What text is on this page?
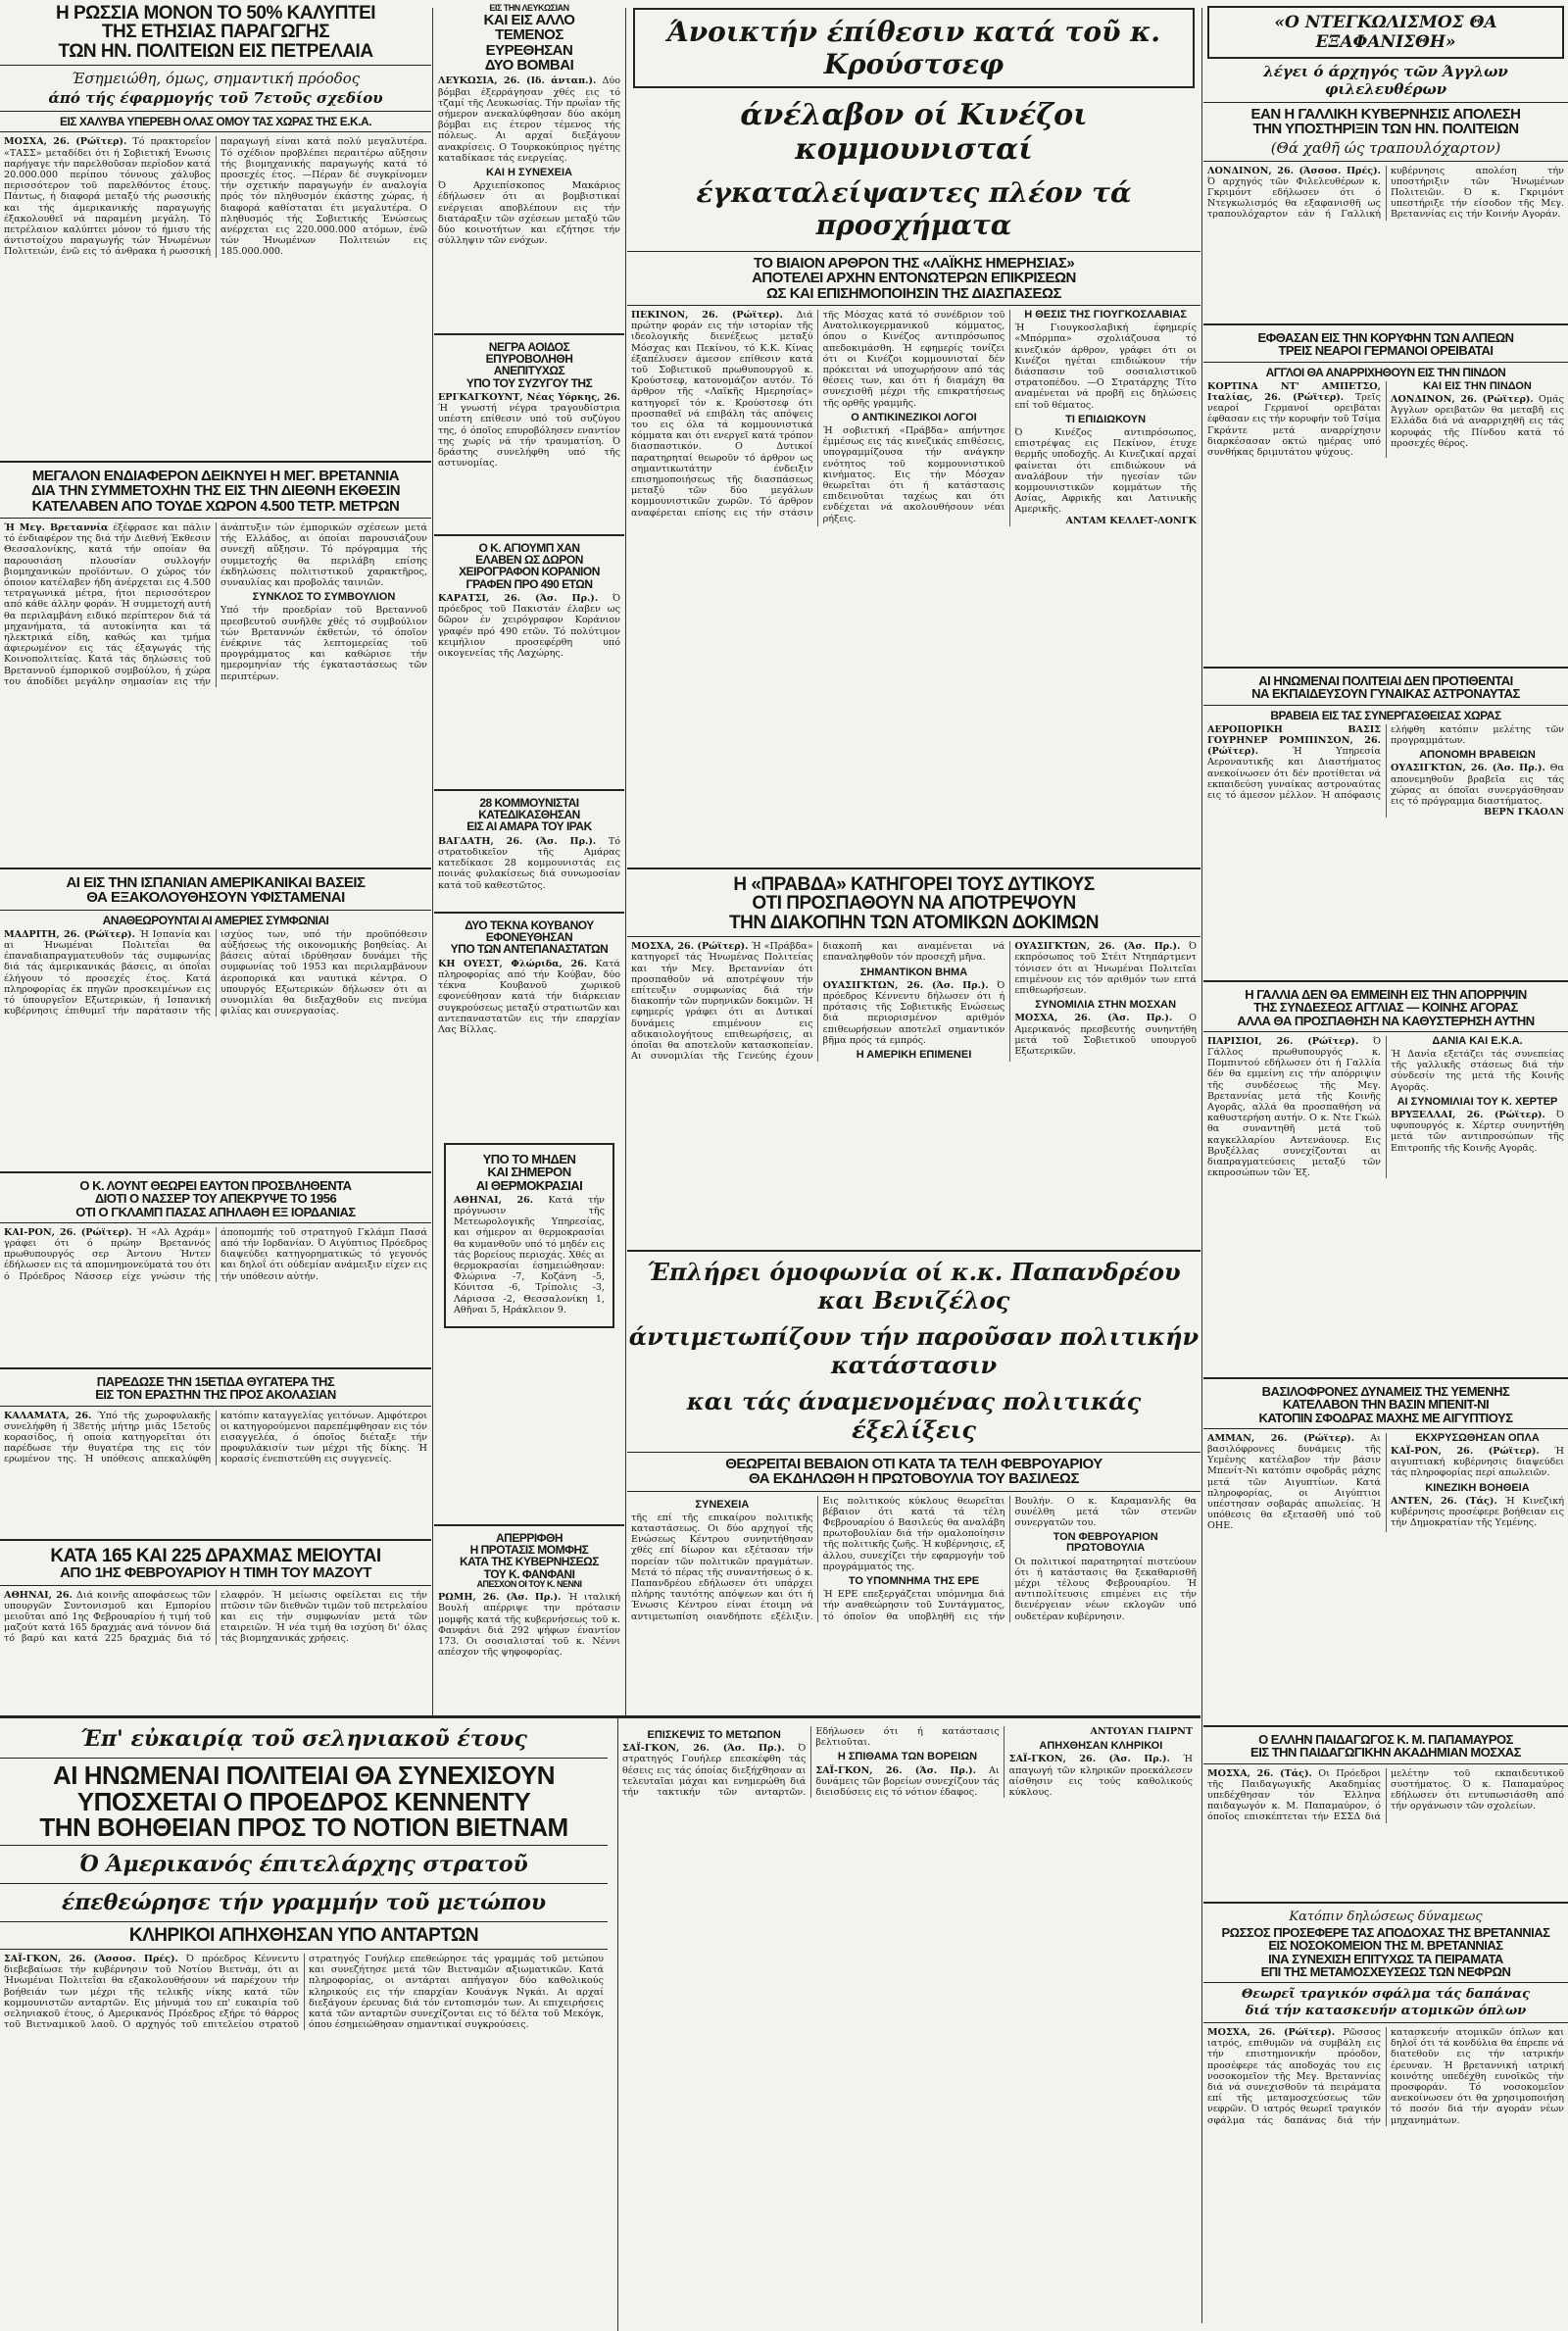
Η ΡΩΣΣΙΑ ΜΟΝΟΝ ΤΟ 50% ΚΑΛΥΠΤΕΙ

ΤΗΣ ΕΤΗΣΙΑΣ ΠΑΡΑΓΩΓΗΣ

ΤΩΝ ΗΝ. ΠΟΛΙΤΕΙΩΝ ΕΙΣ ΠΕΤΡΕΛΑΙΑ

Έσημειώθη, όμως, σημαντική πρόοδος

άπό τής έφαρμογής τοῦ 7ετοῦς σχεδίου

ΕΙΣ ΧΑΛΥΒΑ ΥΠΕΡΕΒΗ ΟΛΑΣ ΟΜΟΥ ΤΑΣ ΧΩΡΑΣ ΤΗΣ Ε.Κ.Α.

ΜΟΣΧΑ, 26. (Ρώϊτερ). Τό πρακτορεΐον «ΤΑΣΣ» μεταδίδει ότι ή Σοβιετική Ένωσις παρήγαγε τήν παρελθοῦσαν περίοδον κατά 20.000.000 περίπου τόννους χάλυβος περισσότερον τοῦ παρελθόντος έτους. Πάντως, ή διαφορά μεταξύ τής ρωσσικής και τής άμερικανικής παραγωγής έξακολουθεῖ νά παραμένη μεγάλη. Τό πετρέλαιον καλύπτει μόνον τό ήμισυ τής άντιστοίχου παραγωγής τών Ήνωμένων Πολιτειών, ένῶ εις τό άνθρακα ή ρωσσική παραγωγή είναι κατά πολύ μεγαλυτέρα. Τό σχέδιον προβλέπει περαιτέρω αὔξησιν τής βιομηχανικής παραγωγής κατά τό προσεχές έτος. —Πέραν δέ συγκρίνομεν τήν σχετικήν παραγωγήν έν αναλογία πρός τόν πληθυσμόν έκάστης χώρας, ή διαφορά καθίσταται έτι μεγαλυτέρα. Ο πληθυσμός τής Σοβιετικής Ένώσεως ανέρχεται εις 220.000.000 ατόμων, ένῶ τών Ήνωμένων Πολιτειών εις 185.000.000.

ΜΕΓΑΛΟΝ ΕΝΔΙΑΦΕΡΟΝ ΔΕΙΚΝΥΕΙ Η ΜΕΓ. ΒΡΕΤΑΝΝΙΑ

ΔΙΑ ΤΗΝ ΣΥΜΜΕΤΟΧΗΝ ΤΗΣ ΕΙΣ ΤΗΝ ΔΙΕΘΝΗ ΕΚΘΕΣΙΝ

ΚΑΤΕΛΑΒΕΝ ΑΠΟ ΤΟΥΔΕ ΧΩΡΟΝ 4.500 ΤΕΤΡ. ΜΕΤΡΩΝ

Ή Μεγ. Βρεταννία έξέφρασε και πάλιν τό ένδιαφέρον της διά τήν Διεθνή Έκθεσιν Θεσσαλονίκης, κατά τήν οποίαν θα παρουσιάση πλουσίαν συλλογήν βιομηχανικών προϊόντων. Ο χώρος τόν όποιον κατέλαβεν ήδη άνέρχεται εις 4.500 τετραγωνικά μέτρα, ήτοι περισσότερον από κάθε άλλην φοράν. Ή συμμετοχή αυτή θα περιλαμβάνη ειδικό περίπτερον διά τά μηχανήματα, τά αυτοκίνητα και τά ηλεκτρικά είδη, καθώς και τμήμα άφιερωμένον εις τάς έξαγωγάς τής Κοινοπολιτείας. Κατά τάς δηλώσεις τοῦ Βρεταννοῦ έμπορικοῦ συμβούλου, ή χώρα του άποδίδει μεγάλην σημασίαν εις τήν άνάπτυξιν τών έμπορικών σχέσεων μετά τής Ελλάδος, αι όποίαι παρουσιάζουν συνεχῆ αὔξησιν. Τό πρόγραμμα τής συμμετοχής θα περιλάβη επίσης έκδηλώσεις πολιτιστικοῦ χαρακτῆρος, συναυλίας και προβολάς ταινιῶν.
ΣΥΝΚΛΟΣ ΤΟ ΣΥΜΒΟΥΛΙΟΝ
Υπό τήν προεδρίαν τοῦ Βρεταννοῦ πρεσβευτοῦ συνῆλθε χθές τό συμβούλιον τών Βρεταννών έκθετών, τό όποῖον ένέκρινε τάς λεπτομερείας τοῦ προγράμματος και καθώρισε τήν ημερομηνίαν τής έγκαταστάσεως τῶν περιπτέρων.

ΑΙ ΕΙΣ ΤΗΝ ΙΣΠΑΝΙΑΝ ΑΜΕΡΙΚΑΝΙΚΑΙ ΒΑΣΕΙΣ

ΘΑ ΕΞΑΚΟΛΟΥΘΗΣΟΥΝ ΥΦΙΣΤΑΜΕΝΑΙ

ΑΝΑΘΕΩΡΟΥΝΤΑΙ ΑΙ ΑΜΕΡΙΕΣ ΣΥΜΦΩΝΙΑΙ

ΜΑΔΡΙΤΗ, 26. (Ρώϊτερ). Ή Ισπανία και αι Ήνωμέναι Πολιτεΐαι θα έπαναδιαπραγματευθοῦν τάς συμφωνίας διά τάς άμερικανικάς βάσεις, αι όποΐαι έλήγουν τό προσεχές έτος. Κατά πληροφορίας έκ πηγῶν προσκειμένων εις τό ύπουργεῖον Εξωτερικών, ή Ισπανική κυβέρνησις έπιθυμεῖ τήν παράτασιν τῆς ισχύος των, υπό τήν προϋπόθεσιν αὐξήσεως τής οικονομικής βοηθείας. Αι βάσεις αὐταί ιδρύθησαν δυνάμει τῆς συμφωνίας τοῦ 1953 και περιλαμβάνουν άεροπορικά και ναυτικά κέντρα. Ο υπουργός Εξωτερικών δήλωσεν ότι αι συνομιλίαι θα διεξαχθοῦν εις πνεύμα φιλίας και συνεργασίας.

Ο Κ. ΛΟΥΝΤ ΘΕΩΡΕΙ ΕΑΥΤΟΝ ΠΡΟΣΒΛΗΘΕΝΤΑ

ΔΙΟΤΙ Ο ΝΑΣΣΕΡ ΤΟΥ ΑΠΕΚΡΥΨΕ ΤΟ 1956

ΟΤΙ Ο ΓΚΛΑΜΠ ΠΑΣΑΣ ΑΠΗΛΑΘΗ ΕΞ ΙΟΡΔΑΝΙΑΣ

ΚΑΙ-ΡΟΝ, 26. (Ρώϊτερ). Ή «Αλ Αχράμ» γράφει ότι ό πρώην Βρεταννός πρωθυπουργός σερ Άντονυ Ήντεν έδήλωσεν εις τά απομνημονεύματά του ότι ό Πρόεδρος Νάσσερ είχε γνώσιν τής άποπομπής τοῦ στρατηγοῦ Γκλάμπ Πασά από τήν Ιορδανίαν. Ό Αιγύπτιος Πρόεδρος διαψεύδει κατηγορηματικώς τό γεγονός και δηλοΐ ότι ούδεμίαν ανάμειξιν είχεν εις τήν υπόθεσιν αὐτήν.

ΠΑΡΕΔΩΣΕ ΤΗΝ 15ΕΤΙΔΑ ΘΥΓΑΤΕΡΑ ΤΗΣ

ΕΙΣ ΤΟΝ ΕΡΑΣΤΗΝ ΤΗΣ ΠΡΟΣ ΑΚΟΛΑΣΙΑΝ

ΚΑΛΑΜΑΤΑ, 26. Ύπό τῆς χωροφυλακῆς συνελήφθη ή 38ετής μήτηρ μιᾶς 15ετοῦς κορασίδος, ή οποία κατηγορεῖται ότι παρέδωσε τήν θυγατέρα της εις τόν ερωμένον της. Ή υπόθεσις απεκαλύφθη κατόπιν καταγγελίας γειτόνων. Αμφότεροι οι κατηγορούμενοι παρεπέμφθησαν εις τόν εισαγγελέα, ό όποῖος διέταξε τήν προφυλάκισίν των μέχρι τῆς δίκης. Ή κορασίς ένεπιστεύθη εις συγγενείς.

ΚΑΤΑ 165 ΚΑΙ 225 ΔΡΑΧΜΑΣ ΜΕΙΟΥΤΑΙ

ΑΠΟ 1ΗΣ ΦΕΒΡΟΥΑΡΙΟΥ Η ΤΙΜΗ ΤΟΥ ΜΑΖΟΥΤ

ΑΘΗΝΑΙ, 26. Διά κοινῆς αποφάσεως τῶν υπουργῶν Συντονισμοῦ και Εμπορίου μειοῦται από 1ης Φεβρουαρίου ή τιμή τοῦ μαζούτ κατά 165 δραχμάς ανά τόννον διά τό βαρύ και κατά 225 δραχμάς διά τό ελαφρόν. Ή μείωσις οφείλεται εις τήν πτῶσιν τῶν διεθνῶν τιμῶν τοῦ πετρελαίου και εις τήν συμφωνίαν μετά τῶν εταιρειῶν. Ή νέα τιμή θα ισχύση δι' όλας τάς βιομηχανικάς χρήσεις.

ΕΙΣ ΤΗΝ ΛΕΥΚΩΣΙΑΝ

ΚΑΙ ΕΙΣ ΑΛΛΟ

ΤΕΜΕΝΟΣ

ΕΥΡΕΘΗΣΑΝ

ΔΥΟ ΒΟΜΒΑΙ

ΛΕΥΚΩΣΙΑ, 26. (Ιδ. άνταπ.). Δύο βόμβαι έξερράγησαν χθές εις τό τζαμί τῆς Λευκωσίας. Τήν πρωΐαν τῆς σήμερον ανεκαλύφθησαν δύο ακόμη βόμβαι εις έτερον τέμενος τής πόλεως. Αι αρχαί διεξάγουν ανακρίσεις. Ο Τουρκοκύπριος ηγέτης καταδίκασε τάς ενεργείας.
ΚΑΙ Η ΣΥΝΕΧΕΙΑ
Ό Αρχιεπίσκοπος Μακάριος έδήλωσεν ότι αι βομβιστικαί ενέργειαι αποβλέπουν εις τήν διατάραξιν τῶν σχέσεων μεταξύ τῶν δύο κοινοτήτων και εζήτησε τήν σύλληψιν τῶν ενόχων.

ΝΕΓΡΑ ΑΟΙΔΟΣ

ΕΠΥΡΟΒΟΛΗΘΗ

ΑΝΕΠΙΤΥΧΩΣ

ΥΠΟ ΤΟΥ ΣΥΖΥΓΟΥ ΤΗΣ

ΕΡΓΚΑΓΚΟΥΝΤ, Νέας Υόρκης, 26. Ή γνωστή νέγρα τραγουδίστρια υπέστη επίθεσιν υπό τοῦ συζύγου της, ό όποῖος επυροβόλησεν εναντίον της χωρίς νά τήν τραυματίση. Ό δράστης συνελήφθη υπό τῆς αστυνομίας.

Ο Κ. ΑΓΙΟΥΜΠ ΧΑΝ

ΕΛΑΒΕΝ ΩΣ ΔΩΡΟΝ

ΧΕΙΡΟΓΡΑΦΟΝ ΚΟΡΑΝΙΟΝ

ΓΡΑΦΕΝ ΠΡΟ 490 ΕΤΩΝ

ΚΑΡΑΤΣΙ, 26. (Άσ. Πρ.). Ό πρόεδρος τοῦ Πακιστάν έλαβεν ως δῶρον έν χειρόγραφον Κοράνιον γραφέν πρό 490 ετῶν. Τό πολύτιμον κειμήλιον προσεφέρθη υπό οικογενείας τῆς Λαχώρης.

28 ΚΟΜΜΟΥΝΙΣΤΑΙ

ΚΑΤΕΔΙΚΑΣΘΗΣΑΝ

ΕΙΣ ΑΙ ΑΜΑΡΑ ΤΟΥ ΙΡΑΚ

ΒΑΓΔΑΤΗ, 26. (Άσ. Πρ.). Τό στρατοδικεῖον τῆς Αμάρας κατεδίκασε 28 κομμουνιστάς εις ποινάς φυλακίσεως διά συνωμοσίαν κατά τοῦ καθεστῶτος.

ΔΥΟ ΤΕΚΝΑ ΚΟΥΒΑΝΟΥ

ΕΦΟΝΕΥΘΗΣΑΝ

ΥΠΟ ΤΩΝ ΑΝΤΕΠΑΝΑΣΤΑΤΩΝ

ΚΗ ΟΥΕΣΤ, Φλώριδα, 26. Κατά πληροφορίας από τήν Κούβαν, δύο τέκνα Κουβανοῦ χωρικοῦ εφονεύθησαν κατά τήν διάρκειαν συγκρούσεως μεταξύ στρατιωτῶν και αντεπαναστατῶν εις τήν επαρχίαν Λας Βίλλας.

ΥΠΟ ΤΟ ΜΗΔΕΝ

ΚΑΙ ΣΗΜΕΡΟΝ

ΑΙ ΘΕΡΜΟΚΡΑΣΙΑΙ

ΑΘΗΝΑΙ, 26. Κατά τήν πρόγνωσιν τῆς Μετεωρολογικῆς Υπηρεσίας, και σήμερον αι θερμοκρασίαι θα κυμανθοῦν υπό τό μηδέν εις τάς βορείους περιοχάς. Χθές αι θερμοκρασίαι έσημειώθησαν: Φλώρινα -7, Κοζάνη -5, Κόνιτσα -6, Τρίπολις -3, Λάρισσα -2, Θεσσαλονίκη 1, Αθῆναι 5, Ηράκλειον 9.

ΑΠΕΡΡΙΦΘΗ

Η ΠΡΟΤΑΣΙΣ ΜΟΜΦΗΣ

ΚΑΤΑ ΤΗΣ ΚΥΒΕΡΝΗΣΕΩΣ

ΤΟΥ Κ. ΦΑΝΦΑΝΙ

ΑΠΕΣΧΟΝ ΟΙ ΤΟΥ Κ. ΝΕΝΝΙ

ΡΩΜΗ, 26. (Άσ. Πρ.). Ή ιταλική Βουλή απέρριψε την πρότασιν μομφῆς κατά τῆς κυβερνήσεως τοῦ κ. Φανφάνι διά 292 ψήφων έναντίον 173. Οι σοσιαλισταί τοῦ κ. Νέννι απέσχον τῆς ψηφοφορίας.

Άνοικτήν έπίθεσιν κατά τοῦ κ. Κρούστσεφ

άνέλαβον οί Κινέζοι κομμουνισταί

έγκαταλείψαντες πλέον τά προσχήματα

ΤΟ ΒΙΑΙΟΝ ΑΡΘΡΟΝ ΤΗΣ «ΛΑΪΚΗΣ ΗΜΕΡΗΣΙΑΣ»

ΑΠΟΤΕΛΕΙ ΑΡΧΗΝ ΕΝΤΟΝΩΤΕΡΩΝ ΕΠΙΚΡΙΣΕΩΝ

ΩΣ ΚΑΙ ΕΠΙΣΗΜΟΠΟΙΗΣΙΝ ΤΗΣ ΔΙΑΣΠΑΣΕΩΣ

ΠΕΚΙΝΟΝ, 26. (Ρώϊτερ). Διά πρώτην φοράν εις τήν ιστορίαν τῆς ιδεολογικῆς διενέξεως μεταξύ Μόσχας και Πεκίνου, τό Κ.Κ. Κίνας έξαπέλυσεν άμεσον επίθεσιν κατά τοῦ Σοβιετικοῦ πρωθυπουργοῦ κ. Κρούστσεφ, κατονομάζον αυτόν. Τό άρθρον τῆς «Λαϊκῆς Ημερησίας» κατηγορεῖ τόν κ. Κρούστσεφ ότι προσπαθεῖ νά επιβάλη τάς απόψεις του εις όλα τά κομμουνιστικά κόμματα και ότι ενεργεῖ κατά τρόπον διασπαστικόν. Ο Δυτικοί παρατηρηταί θεωροῦν τό άρθρον ως σημαντικωτάτην ένδειξιν επισημοποιήσεως τῆς διασπάσεως μεταξύ τῶν δύο μεγάλων κομμουνιστικῶν χωρῶν. Τό άρθρον αναφέρεται επίσης εις τήν στάσιν τῆς Μόσχας κατά τό συνέδριον τοῦ Ανατολικογερμανικοῦ κόμματος, όπου ο Κινέζος αντιπρόσωπος απεδοκιμάσθη. Ή εφημερίς τονίζει ότι οι Κινέζοι κομμουνισταί δέν πρόκειται νά υποχωρήσουν από τάς θέσεις των, και ότι ή διαμάχη θα συνεχισθῆ μέχρι τῆς επικρατήσεως τῆς ορθῆς γραμμῆς.
Ο ΑΝΤΙΚΙΝΕΖΙΚΟΙ ΛΟΓΟΙ
Ή σοβιετική «Πράβδα» απήντησε έμμέσως εις τάς κινεζικάς επιθέσεις, υπογραμμίζουσα τήν ανάγκην ενότητος τοῦ κομμουνιστικοῦ κινήματος. Εις τήν Μόσχαν θεωρεῖται ότι ή κατάστασις επιδεινοῦται ταχέως και ότι ενδέχεται νά ακολουθήσουν νέαι ρήξεις.
Η ΘΕΣΙΣ ΤΗΣ ΓΙΟΥΓΚΟΣΛΑΒΙΑΣ
Ή Γιουγκοσλαβική έφημερίς «Μπόρμπα» σχολιάζουσα τό κινεζικόν άρθρον, γράφει ότι οι Κινέζοι ηγέται επιδιώκουν τήν διάσπασιν τοῦ σοσιαλιστικοῦ στρατοπέδου. —Ο Στρατάρχης Τίτο αναμένεται νά προβῆ εις δηλώσεις επί τοῦ θέματος.
ΤΙ ΕΠΙΔΙΩΚΟΥΝ
Ό Κινέζος αντιπρόσωπος, επιστρέψας εις Πεκίνον, έτυχε θερμῆς υποδοχῆς. Αι Κινεζικαί αρχαί φαίνεται ότι επιδιώκουν νά αναλάβουν τήν ηγεσίαν τῶν κομμουνιστικῶν κομμάτων τῆς Ασίας, Αφρικῆς και Λατινικῆς Αμερικῆς.
ΑΝΤΑΜ ΚΕΛΛΕΤ-ΛΟΝΓΚ

Η «ΠΡΑΒΔΑ» ΚΑΤΗΓΟΡΕΙ ΤΟΥΣ ΔΥΤΙΚΟΥΣ

ΟΤΙ ΠΡΟΣΠΑΘΟΥΝ ΝΑ ΑΠΟΤΡΕΨΟΥΝ

ΤΗΝ ΔΙΑΚΟΠΗΝ ΤΩΝ ΑΤΟΜΙΚΩΝ ΔΟΚΙΜΩΝ

ΜΟΣΧΑ, 26. (Ρώϊτερ). Ή «Πράβδα» κατηγορεῖ τάς Ήνωμένας Πολιτείας και τήν Μεγ. Βρεταννίαν ότι προσπαθοῦν νά αποτρέψουν τήν επίτευξιν συμφωνίας διά τήν διακοπήν τῶν πυρηνικῶν δοκιμῶν. Ή εφημερίς γράφει ότι αι Δυτικαί δυνάμεις επιμένουν εις αδικαιολογήτους επιθεωρήσεις, αι όποῖαι θα αποτελοῦν κατασκοπείαν. Αι συνομιλίαι τῆς Γενεύης έχουν διακοπῆ και αναμένεται νά επαναληφθοῦν τόν προσεχῆ μῆνα.
ΣΗΜΑΝΤΙΚΟΝ ΒΗΜΑ
ΟΥΑΣΙΓΚΤΩΝ, 26. (Άσ. Πρ.). Ό πρόεδρος Κέννεντυ δήλωσεν ότι ή πρότασις τῆς Σοβιετικῆς Ενώσεως διά περιορισμένον αριθμόν επιθεωρήσεων αποτελεῖ σημαντικόν βῆμα πρός τά εμπρός.
Η ΑΜΕΡΙΚΗ ΕΠΙΜΕΝΕΙ
ΟΥΑΣΙΓΚΤΩΝ, 26. (Άσ. Πρ.). Ό εκπρόσωπος τοῦ Στέιτ Ντηπάρτμεντ τόνισεν ότι αι Ήνωμέναι Πολιτεῖαι επιμένουν εις τόν αριθμόν των επτά επιθεωρήσεων.
ΣΥΝΟΜΙΛΙΑ ΣΤΗΝ ΜΟΣΧΑΝ
ΜΟΣΧΑ, 26. (Άσ. Πρ.). Ο Αμερικανός πρεσβευτής συνηντήθη μετά τοῦ Σοβιετικοῦ υπουργοῦ Εξωτερικῶν.

Έπλήρει όμοφωνία οί κ.κ. Παπανδρέου και Βενιζέλος

άντιμετωπίζουν τήν παροῦσαν πολιτικήν κατάστασιν

και τάς άναμενομένας πολιτικάς έξελίξεις

ΘΕΩΡΕΙΤΑΙ ΒΕΒΑΙΟΝ ΟΤΙ ΚΑΤΑ ΤΑ ΤΕΛΗ ΦΕΒΡΟΥΑΡΙΟΥ

ΘΑ ΕΚΔΗΛΩΘΗ Η ΠΡΩΤΟΒΟΥΛΙΑ ΤΟΥ ΒΑΣΙΛΕΩΣ

ΣΥΝΕΧΕΙΑ
τῆς επί τῆς επικαίρου πολιτικῆς καταστάσεως. Οι δύο αρχηγοί τῆς Ενώσεως Κέντρου συνηντήθησαν χθές επί δίωρον και εξέτασαν τήν πορείαν τῶν πολιτικῶν πραγμάτων. Μετά τό πέρας τῆς συναντήσεως ό κ. Παπανδρέου εδήλωσεν ότι υπάρχει πλήρης ταυτότης απόψεων και ότι ή Ένωσις Κέντρου είναι έτοιμη νά αντιμετωπίση οιανδήποτε εξέλιξιν. Εις πολιτικούς κύκλους θεωρεῖται βέβαιον ότι κατά τά τέλη Φεβρουαρίου ό Βασιλεύς θα αναλάβη πρωτοβουλίαν διά τήν ομαλοποίησιν τῆς πολιτικῆς ζωῆς. Ή κυβέρνησις, εξ άλλου, συνεχίζει τήν εφαρμογήν τοῦ προγράμματός της.
ΤΟ ΥΠΟΜΝΗΜΑ ΤΗΣ ΕΡΕ
Ή ΕΡΕ επεξεργάζεται υπόμνημα διά τήν αναθεώρησιν τοῦ Συντάγματος, τό όποῖον θα υποβληθῆ εις τήν Βουλήν. Ο κ. Καραμανλῆς θα συνέλθη μετά τῶν στενῶν συνεργατῶν του.
ΤΟΝ ΦΕΒΡΟΥΑΡΙΟΝ ΠΡΩΤΟΒΟΥΛΙΑ
Οι πολιτικοί παρατηρηταί πιστεύουν ότι ή κατάστασις θα ξεκαθαρισθῆ μέχρι τέλους Φεβρουαρίου. Ή αντιπολίτευσις επιμένει εις τήν διενέργειαν νέων εκλογῶν υπό ουδετέραν κυβέρνησιν.

«Ο ΝΤΕΓΚΩΛΙΣΜΟΣ ΘΑ ΕΞΑΦΑΝΙΣΘΗ»

λέγει ό άρχηγός τῶν Άγγλων φιλελευθέρων

ΕΑΝ Η ΓΑΛΛΙΚΗ ΚΥΒΕΡΝΗΣΙΣ ΑΠΟΛΕΣΗ

ΤΗΝ ΥΠΟΣΤΗΡΙΞΙΝ ΤΩΝ ΗΝ. ΠΟΛΙΤΕΙΩΝ

(Θά χαθῆ ώς τραπουλόχαρτον)

ΛΟΝΔΙΝΟΝ, 26. (Άσσοσ. Πρές). Ό αρχηγός τῶν Φιλελευθέρων κ. Γκριμόντ εδήλωσεν ότι ό Ντεγκωλισμός θα εξαφανισθῆ ως τραπουλόχαρτον εάν ή Γαλλική κυβέρνησις απολέση τήν υποστήριξιν τῶν Ήνωμένων Πολιτειῶν. Ό κ. Γκριμόντ υπεστήριξε τήν είσοδον τῆς Μεγ. Βρεταννίας εις τήν Κοινήν Αγοράν.

ΕΦΘΑΣΑΝ ΕΙΣ ΤΗΝ ΚΟΡΥΦΗΝ ΤΩΝ ΑΛΠΕΩΝ

ΤΡΕΙΣ ΝΕΑΡΟΙ ΓΕΡΜΑΝΟΙ ΟΡΕΙΒΑΤΑΙ

ΑΓΓΛΟΙ ΘΑ ΑΝΑΡΡΙΧΗΘΟΥΝ ΕΙΣ ΤΗΝ ΠΙΝΔΟΝ

ΚΟΡΤΙΝΑ ΝΤ' ΑΜΠΕΤΣΟ, Ιταλίας, 26. (Ρώϊτερ). Τρεῖς νεαροί Γερμανοί ορειβάται έφθασαν εις τήν κορυφήν τοῦ Τσίμα Γκράντε μετά αναρρίχησιν διαρκέσασαν οκτώ ημέρας υπό συνθήκας δριμυτάτου ψύχους.
ΚΑΙ ΕΙΣ ΤΗΝ ΠΙΝΔΟΝ
ΛΟΝΔΙΝΟΝ, 26. (Ρώϊτερ). Ομάς Άγγλων ορειβατῶν θα μεταβῆ εις Ελλάδα διά νά αναρριχηθῆ εις τάς κορυφάς τῆς Πίνδου κατά τό προσεχές θέρος.

ΑΙ ΗΝΩΜΕΝΑΙ ΠΟΛΙΤΕΙΑΙ ΔΕΝ ΠΡΟΤΙΘΕΝΤΑΙ

ΝΑ ΕΚΠΑΙΔΕΥΣΟΥΝ ΓΥΝΑΙΚΑΣ ΑΣΤΡΟΝΑΥΤΑΣ

ΒΡΑΒΕΙΑ ΕΙΣ ΤΑΣ ΣΥΝΕΡΓΑΣΘΕΙΣΑΣ ΧΩΡΑΣ

ΑΕΡΟΠΟΡΙΚΗ ΒΑΣΙΣ ΓΟΥΡΗΝΕΡ ΡΟΜΠΙΝΣΟΝ, 26. (Ρώϊτερ).	Ή Υπηρεσία Αεροναυτικῆς και Διαστήματος ανεκοίνωσεν ότι δέν προτίθεται νά εκπαιδεύση γυναίκας αστροναύτας εις τό άμεσον μέλλον. Ή απόφασις ελήφθη κατόπιν μελέτης τῶν προγραμμάτων.
ΑΠΟΝΟΜΗ ΒΡΑΒΕΙΩΝ
ΟΥΑΣΙΓΚΤΩΝ, 26. (Άσ. Πρ.). Θα απονεμηθοῦν βραβεῖα εις τάς χώρας αι όποῖαι συνεργάσθησαν εις τό πρόγραμμα διαστήματος.
ΒΕΡΝ ΓΚΑΟΛΝ

Η ΓΑΛΛΙΑ ΔΕΝ ΘΑ ΕΜΜΕΙΝΗ ΕΙΣ ΤΗΝ ΑΠΟΡΡΙΨΙΝ

ΤΗΣ ΣΥΝΔΕΣΕΩΣ ΑΓΓΛΙΑΣ — ΚΟΙΝΗΣ ΑΓΟΡΑΣ

ΑΛΛΑ ΘΑ ΠΡΟΣΠΑΘΗΣΗ ΝΑ ΚΑΘΥΣΤΕΡΗΣΗ ΑΥΤΗΝ

ΠΑΡΙΣΙΟΙ, 26. (Ρώϊτερ). Ό Γάλλος πρωθυπουργός κ. Πομπιντού εδήλωσεν ότι ή Γαλλία δέν θα εμμείνη εις τήν απόρριψιν τῆς συνδέσεως τῆς Μεγ. Βρεταννίας μετά τῆς Κοινῆς Αγορᾶς, αλλά θα προσπαθήση νά καθυστερήση αυτήν. Ο κ. Ντε Γκώλ θα συναντηθῆ μετά τοῦ καγκελλαρίου Αντενάουερ. Εις Βρυξέλλας συνεχίζονται αι διαπραγματεύσεις μεταξύ τῶν εκπροσώπων τῶν Έξ.
ΔΑΝΙΑ ΚΑΙ Ε.Κ.Α.
Ή Δανία εξετάζει τάς συνεπείας τῆς γαλλικῆς στάσεως διά τήν σύνδεσίν της μετά τῆς Κοινῆς Αγορᾶς.
ΑΙ ΣΥΝΟΜΙΛΙΑΙ ΤΟΥ Κ. ΧΕΡΤΕΡ
ΒΡΥΞΕΛΛΑΙ, 26. (Ρώϊτερ). Ό υφυπουργός κ. Χέρτερ συνηντήθη μετά τῶν αντιπροσώπων τῆς Επιτροπῆς τῆς Κοινῆς Αγορᾶς.

ΒΑΣΙΛΟΦΡΟΝΕΣ ΔΥΝΑΜΕΙΣ ΤΗΣ ΥΕΜΕΝΗΣ

ΚΑΤΕΛΑΒΟΝ ΤΗΝ ΒΑΣΙΝ ΜΠΕΝΙΤ-ΝΙ

ΚΑΤΟΠΙΝ ΣΦΟΔΡΑΣ ΜΑΧΗΣ ΜΕ ΑΙΓΥΠΤΙΟΥΣ

ΑΜΜΑΝ, 26. (Ρώϊτερ). Αι βασιλόφρονες δυνάμεις τῆς Υεμένης κατέλαβον τήν βάσιν Μπενίτ-Νι κατόπιν σφοδρᾶς μάχης μετά τῶν Αιγυπτίων. Κατά πληροφορίας, οι Αιγύπτιοι υπέστησαν σοβαράς απωλείας. Ή υπόθεσις θα εξετασθῆ υπό τοῦ ΟΗΕ.
ΕΚΧΡΥΣΩΘΗΣΑΝ ΟΠΛΑ
ΚΑΪ-ΡΟΝ, 26. (Ρώϊτερ). Ή αιγυπτιακή κυβέρνησις διαψεύδει τάς πληροφορίας περί απωλειῶν.
ΚΙΝΕΖΙΚΗ ΒΟΗΘΕΙΑ
ΑΝΤΕΝ, 26. (Τάς). Ή Κινεζική κυβέρνησις προσέφερε βοήθειαν εις τήν Δημοκρατίαν τῆς Υεμένης.

Ο ΕΛΛΗΝ ΠΑΙΔΑΓΩΓΟΣ Κ. Μ. ΠΑΠΑΜΑΥΡΟΣ

ΕΙΣ ΤΗΝ ΠΑΙΔΑΓΩΓΙΚΗΝ ΑΚΑΔΗΜΙΑΝ ΜΟΣΧΑΣ

ΜΟΣΧΑ, 26. (Τάς). Οι Πρόεδροι τῆς Παιδαγωγικῆς Ακαδημίας υπεδέχθησαν τόν Έλληνα παιδαγωγόν κ. Μ. Παπαμαύρον, ό όποῖος επισκέπτεται τήν ΕΣΣΔ διά μελέτην τοῦ εκπαιδευτικοῦ συστήματος. Ό κ. Παπαμαύρος εδήλωσεν ότι εντυπωσιάσθη από τήν οργάνωσιν τῶν σχολείων.

Κατόπιν δηλώσεως δύναμεως

ΡΩΣΣΟΣ ΠΡΟΣΕΦΕΡΕ ΤΑΣ ΑΠΟΔΟΧΑΣ ΤΗΣ ΒΡΕΤΑΝΝΙΑΣ

ΕΙΣ ΝΟΣΟΚΟΜΕΙΟΝ ΤΗΣ Μ. ΒΡΕΤΑΝΝΙΑΣ

ΙΝΑ ΣΥΝΕΧΙΣΗ ΕΠΙΤΥΧΩΣ ΤΑ ΠΕΙΡΑΜΑΤΑ

ΕΠΙ ΤΗΣ ΜΕΤΑΜΟΣΧΕΥΣΕΩΣ ΤΩΝ ΝΕΦΡΩΝ

Θεωρεῖ τραγικόν σφάλμα τάς δαπάνας

διά τήν κατασκευήν ατομικῶν όπλων

ΜΟΣΧΑ, 26. (Ρώϊτερ). Ρῶσσος ιατρός, επιθυμῶν νά συμβάλη εις τήν επιστημονικήν πρόοδον, προσέφερε τάς αποδοχάς του εις νοσοκομεῖον τῆς Μεγ. Βρεταννίας διά νά συνεχισθοῦν τά πειράματα επί τῆς μεταμοσχεύσεως τῶν νεφρῶν. Ό ιατρός θεωρεῖ τραγικόν σφάλμα τάς δαπάνας διά τήν κατασκευήν ατομικῶν όπλων και δηλοΐ ότι τά κονδύλια θα έπρεπε νά διατεθοῦν εις τήν ιατρικήν έρευναν. Ή βρεταννική ιατρική κοινότης υπεδέχθη ευνοϊκῶς τήν προσφοράν. Τό νοσοκομεῖον ανεκοίνωσεν ότι θα χρησιμοποιήση τό ποσόν διά τήν αγοράν νέων μηχανημάτων.

Έπ' εὐκαιρίᾳ τοῦ σεληνιακοῦ έτους

ΑΙ ΗΝΩΜΕΝΑΙ ΠΟΛΙΤΕΙΑΙ ΘΑ ΣΥΝΕΧΙΣΟΥΝ

ΥΠΟΣΧΕΤΑΙ Ο ΠΡΟΕΔΡΟΣ ΚΕΝΝΕΝΤΥ

ΤΗΝ ΒΟΗΘΕΙΑΝ ΠΡΟΣ ΤΟ ΝΟΤΙΟΝ ΒΙΕΤΝΑΜ

Ό Άμερικανός έπιτελάρχης στρατοῦ

έπεθεώρησε τήν γραμμήν τοῦ μετώπου

ΚΛΗΡΙΚΟΙ ΑΠΗΧΘΗΣΑΝ ΥΠΟ ΑΝΤΑΡΤΩΝ

ΣΑΪ-ΓΚΟΝ, 26. (Άσσοσ. Πρές). Ό πρόεδρος Κέννεντυ διεβεβαίωσε τήν κυβέρνησιν τοῦ Νοτίου Βιετνάμ, ότι αι Ήνωμέναι Πολιτεΐαι θα εξακολουθήσουν νά παρέχουν τήν βοήθειάν των μέχρι τῆς τελικῆς νίκης κατά τῶν κομμουνιστῶν ανταρτῶν. Εις μήνυμά του επ' ευκαιρία τοῦ σεληνιακοῦ έτους, ό Αμερικανός Πρόεδρος εξήρε τό θάρρος τοῦ Βιετναμικοῦ λαοῦ. Ο αρχηγός τοῦ επιτελείου στρατοῦ στρατηγός Γουήλερ επεθεώρησε τάς γραμμάς τοῦ μετώπου και συνεζήτησε μετά τῶν Βιετναμῶν αξιωματικῶν. Κατά πληροφορίας, οι αντάρται απήγαγον δύο καθολικούς κληρικούς εις τήν επαρχίαν Κουάνγκ Νγκάι. Αι αρχαί διεξάγουν έρευνας διά τόν εντοπισμόν των. Αι επιχειρήσεις κατά τῶν ανταρτῶν συνεχίζονται εις τό δέλτα τοῦ Μεκόγκ, όπου έσημειώθησαν σημαντικαί συγκρούσεις.
ΕΠΙΣΚΕΨΙΣ ΤΟ ΜΕΤΩΠΟΝ
ΣΑΪ-ΓΚΟΝ, 26. (Άσ. Πρ.). Ό στρατηγός Γουήλερ επεσκέφθη τάς θέσεις εις τάς όποίας διεξήχθησαν αι τελευταῖαι μάχαι και ενημερώθη διά τήν τακτικήν τῶν ανταρτῶν. Εδήλωσεν ότι ή κατάστασις βελτιοῦται.
Η ΣΠΙΘΑΜΑ ΤΩΝ ΒΟΡΕΙΩΝ
ΣΑΪ-ΓΚΟΝ, 26. (Άσ. Πρ.). Αι δυνάμεις τῶν βορείων συνεχίζουν τάς διεισδύσεις εις τό νότιον έδαφος.
ΑΝΤΟΥΑΝ ΓΙΑΙΡΝΤ
ΑΠΗΧΘΗΣΑΝ ΚΛΗΡΙΚΟΙ
ΣΑΪ-ΓΚΟΝ, 26. (Άσ. Πρ.). Ή απαγωγή τῶν κληρικῶν προεκάλεσεν αίσθησιν εις τούς καθολικούς κύκλους.
